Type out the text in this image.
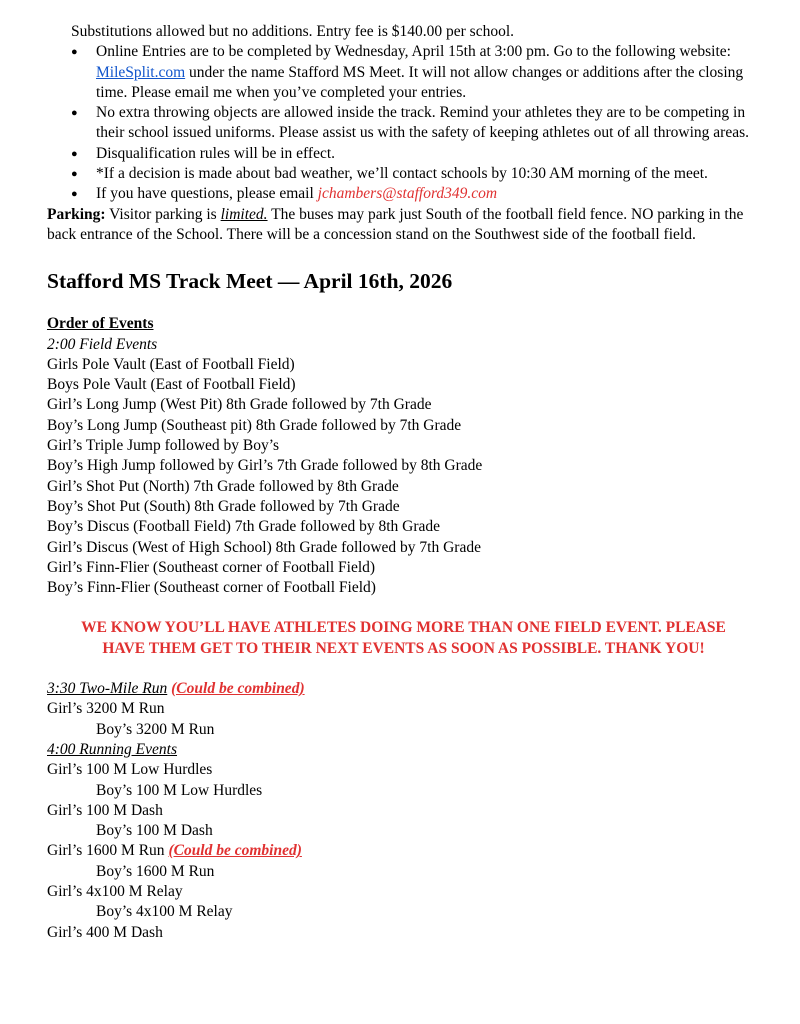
Substitutions allowed but no additions. Entry fee is $140.00 per school.
● Online Entries are to be completed by Wednesday, April 15th at 3:00 pm. Go to the following website:
MileSplit.com under the name Stafford MS Meet. It will not allow changes or additions after the closing time. Please email me when you’ve completed your entries.
● No extra throwing objects are allowed inside the track. Remind your athletes they are to be competing in their school issued uniforms. Please assist us with the safety of keeping athletes out of all throwing areas.
● Disqualification rules will be in effect.
● *If a decision is made about bad weather, we’ll contact schools by 10:30 AM morning of the meet.
● If you have questions, please email jchambers@stafford349.com
Parking: Visitor parking is limited. The buses may park just South of the football field fence. NO parking in the back entrance of the School. There will be a concession stand on the Southwest side of the football field.
Stafford MS Track Meet — April 16th, 2026
Order of Events
2:00 Field Events
Girls Pole Vault (East of Football Field)
Boys Pole Vault (East of Football Field)
Girl’s Long Jump (West Pit) 8th Grade followed by 7th Grade
Boy’s Long Jump (Southeast pit) 8th Grade followed by 7th Grade
Girl’s Triple Jump followed by Boy’s
Boy’s High Jump followed by Girl’s 7th Grade followed by 8th Grade
Girl’s Shot Put (North) 7th Grade followed by 8th Grade
Boy’s Shot Put (South) 8th Grade followed by 7th Grade
Boy’s Discus (Football Field) 7th Grade followed by 8th Grade
Girl’s Discus (West of High School) 8th Grade followed by 7th Grade
Girl’s Finn-Flier (Southeast corner of Football Field)
Boy’s Finn-Flier (Southeast corner of Football Field)
WE KNOW YOU’LL HAVE ATHLETES DOING MORE THAN ONE FIELD EVENT. PLEASE
HAVE THEM GET TO THEIR NEXT EVENTS AS SOON AS POSSIBLE. THANK YOU!
3:30 Two-Mile Run (Could be combined)
Girl’s 3200 M Run
Boy’s 3200 M Run
4:00 Running Events
Girl’s 100 M Low Hurdles
Boy’s 100 M Low Hurdles
Girl’s 100 M Dash
Boy’s 100 M Dash
Girl’s 1600 M Run (Could be combined)
Boy’s 1600 M Run
Girl’s 4x100 M Relay
Boy’s 4x100 M Relay
Girl’s 400 M Dash
